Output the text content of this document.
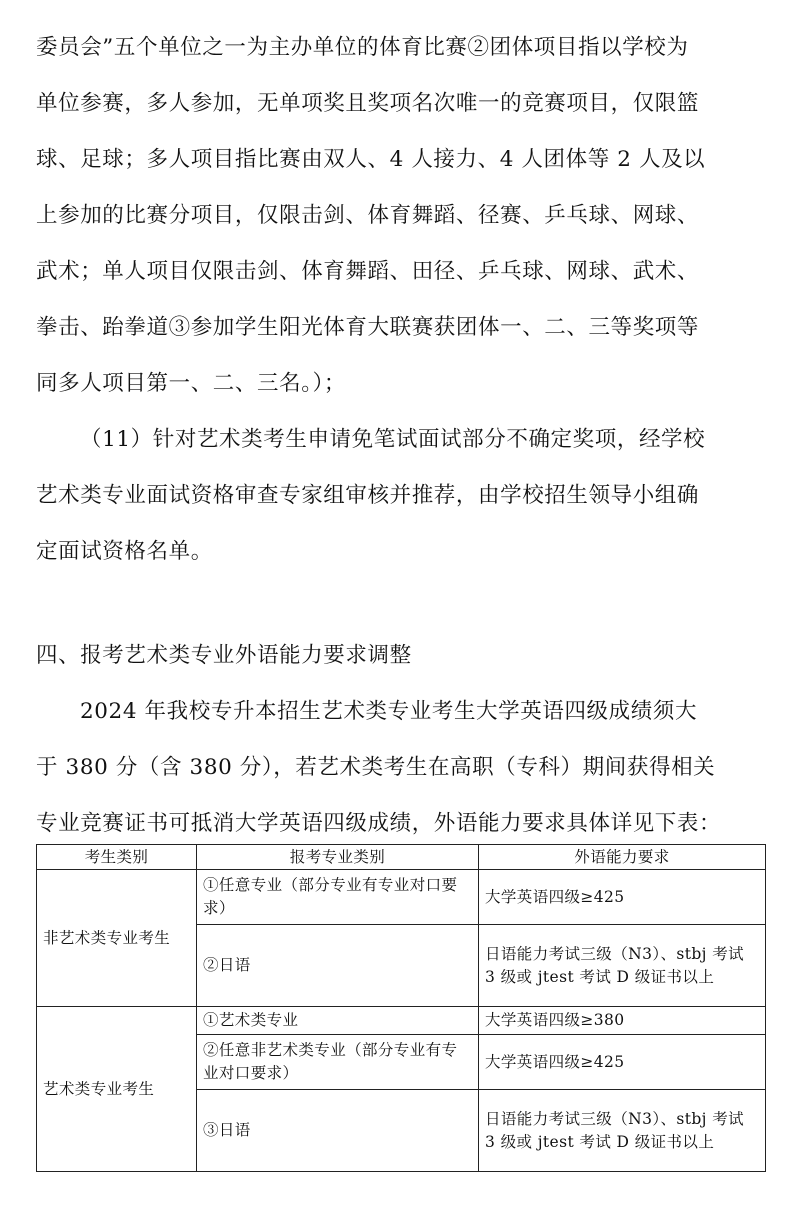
委员会”五个单位之一为主办单位的体育比赛②团体项目指以学校为
单位参赛，多人参加，无单项奖且奖项名次唯一的竞赛项目，仅限篮
球、足球；多人项目指比赛由双人、4 人接力、4 人团体等 2 人及以
上参加的比赛分项目，仅限击剑、体育舞蹈、径赛、乒乓球、网球、
武术；单人项目仅限击剑、体育舞蹈、田径、乒乓球、网球、武术、
拳击、跆拳道③参加学生阳光体育大联赛获团体一、二、三等奖项等
同多人项目第一、二、三名。）；
（11）针对艺术类考生申请免笔试面试部分不确定奖项，经学校
艺术类专业面试资格审查专家组审核并推荐，由学校招生领导小组确
定面试资格名单。
四、报考艺术类专业外语能力要求调整
2024 年我校专升本招生艺术类专业考生大学英语四级成绩须大
于 380 分（含 380 分），若艺术类考生在高职（专科）期间获得相关
专业竞赛证书可抵消大学英语四级成绩，外语能力要求具体详见下表：
考生类别	报考专业类别	外语能力要求
非艺术类专业考生	①任意专业（部分专业有专业对口要求）	大学英语四级≥425
	②日语	日语能力考试三级（N3）、stbj 考试 3 级或 jtest 考试 D 级证书以上
艺术类专业考生	①艺术类专业	大学英语四级≥380
	②任意非艺术类专业（部分专业有专业对口要求）	大学英语四级≥425
	③日语	日语能力考试三级（N3）、stbj 考试 3 级或 jtest 考试 D 级证书以上
